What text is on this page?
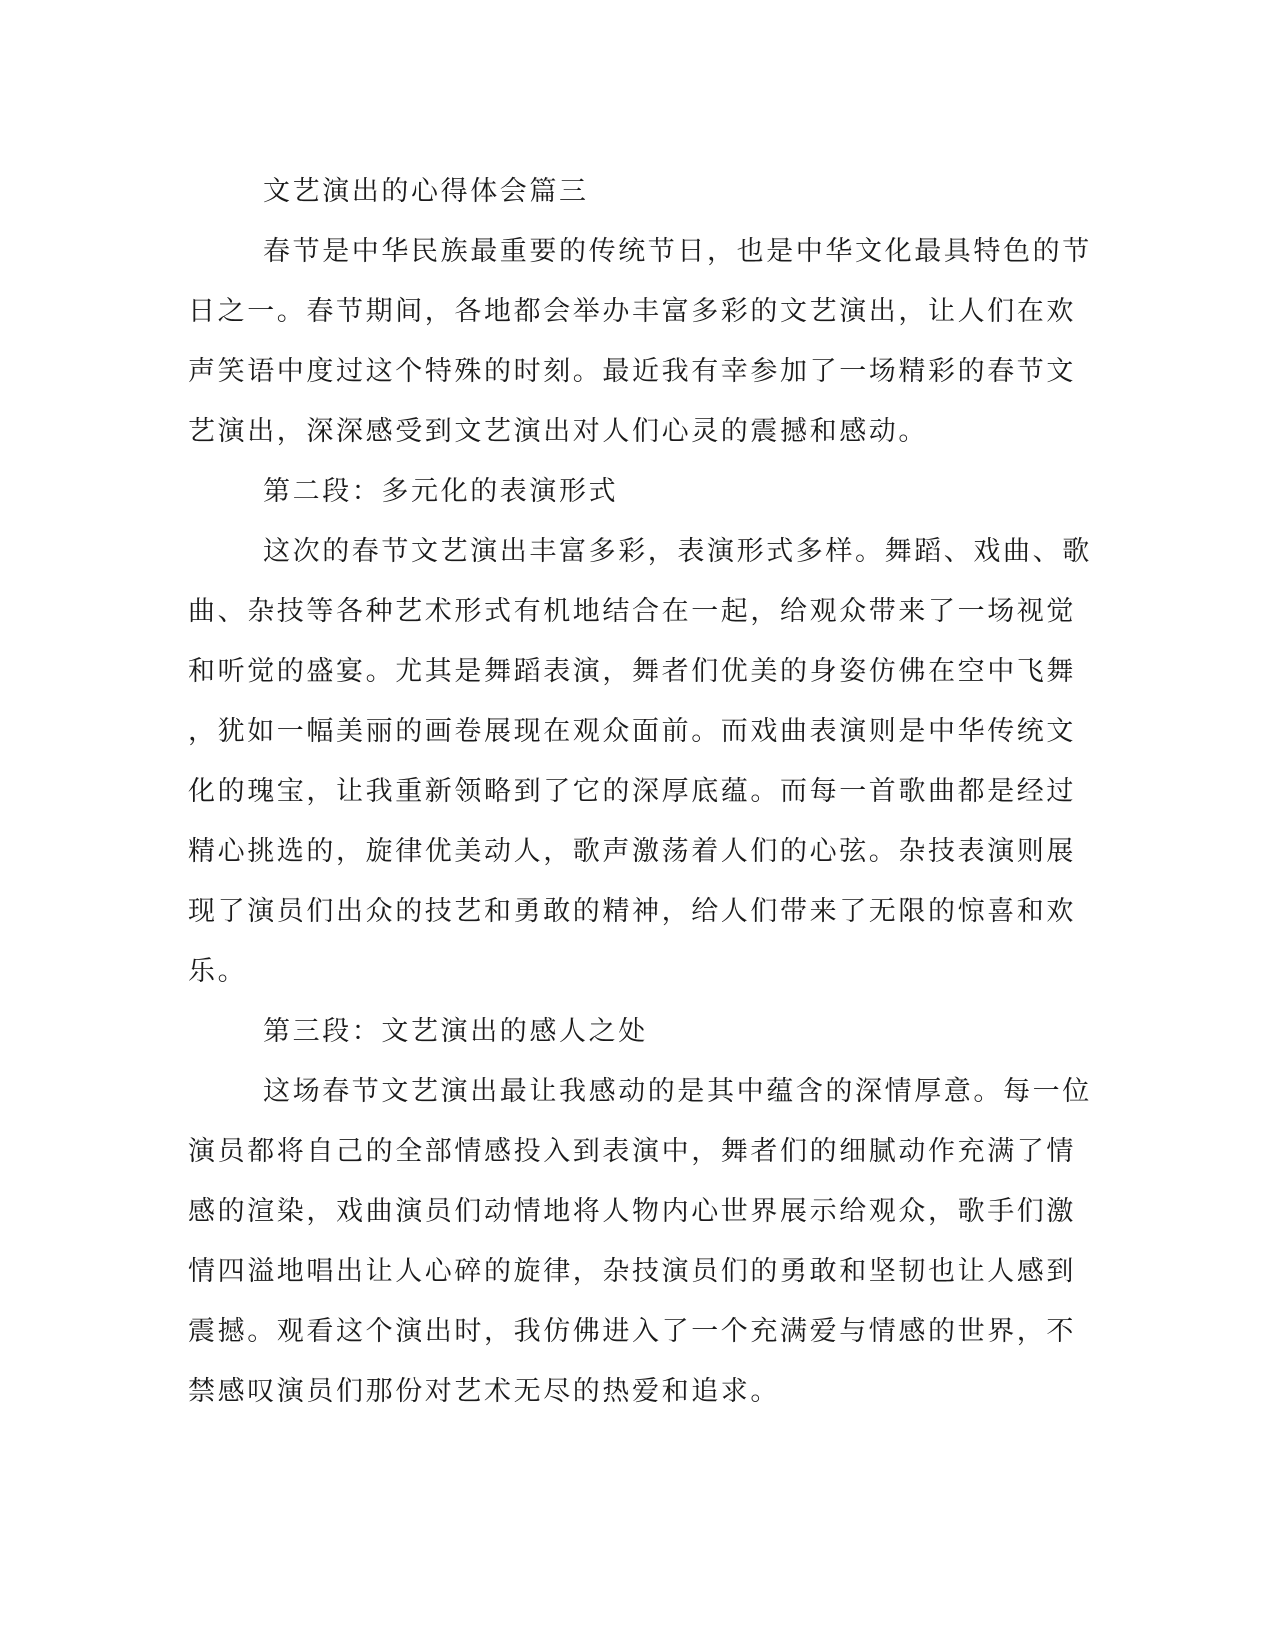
文艺演出的心得体会篇三
春节是中华民族最重要的传统节日，也是中华文化最具特色的节
日之一。春节期间，各地都会举办丰富多彩的文艺演出，让人们在欢
声笑语中度过这个特殊的时刻。最近我有幸参加了一场精彩的春节文
艺演出，深深感受到文艺演出对人们心灵的震撼和感动。
第二段：多元化的表演形式
这次的春节文艺演出丰富多彩，表演形式多样。舞蹈、戏曲、歌
曲、杂技等各种艺术形式有机地结合在一起，给观众带来了一场视觉
和听觉的盛宴。尤其是舞蹈表演，舞者们优美的身姿仿佛在空中飞舞
，犹如一幅美丽的画卷展现在观众面前。而戏曲表演则是中华传统文
化的瑰宝，让我重新领略到了它的深厚底蕴。而每一首歌曲都是经过
精心挑选的，旋律优美动人，歌声激荡着人们的心弦。杂技表演则展
现了演员们出众的技艺和勇敢的精神，给人们带来了无限的惊喜和欢
乐。
第三段：文艺演出的感人之处
这场春节文艺演出最让我感动的是其中蕴含的深情厚意。每一位
演员都将自己的全部情感投入到表演中，舞者们的细腻动作充满了情
感的渲染，戏曲演员们动情地将人物内心世界展示给观众，歌手们激
情四溢地唱出让人心碎的旋律，杂技演员们的勇敢和坚韧也让人感到
震撼。观看这个演出时，我仿佛进入了一个充满爱与情感的世界，不
禁感叹演员们那份对艺术无尽的热爱和追求。
